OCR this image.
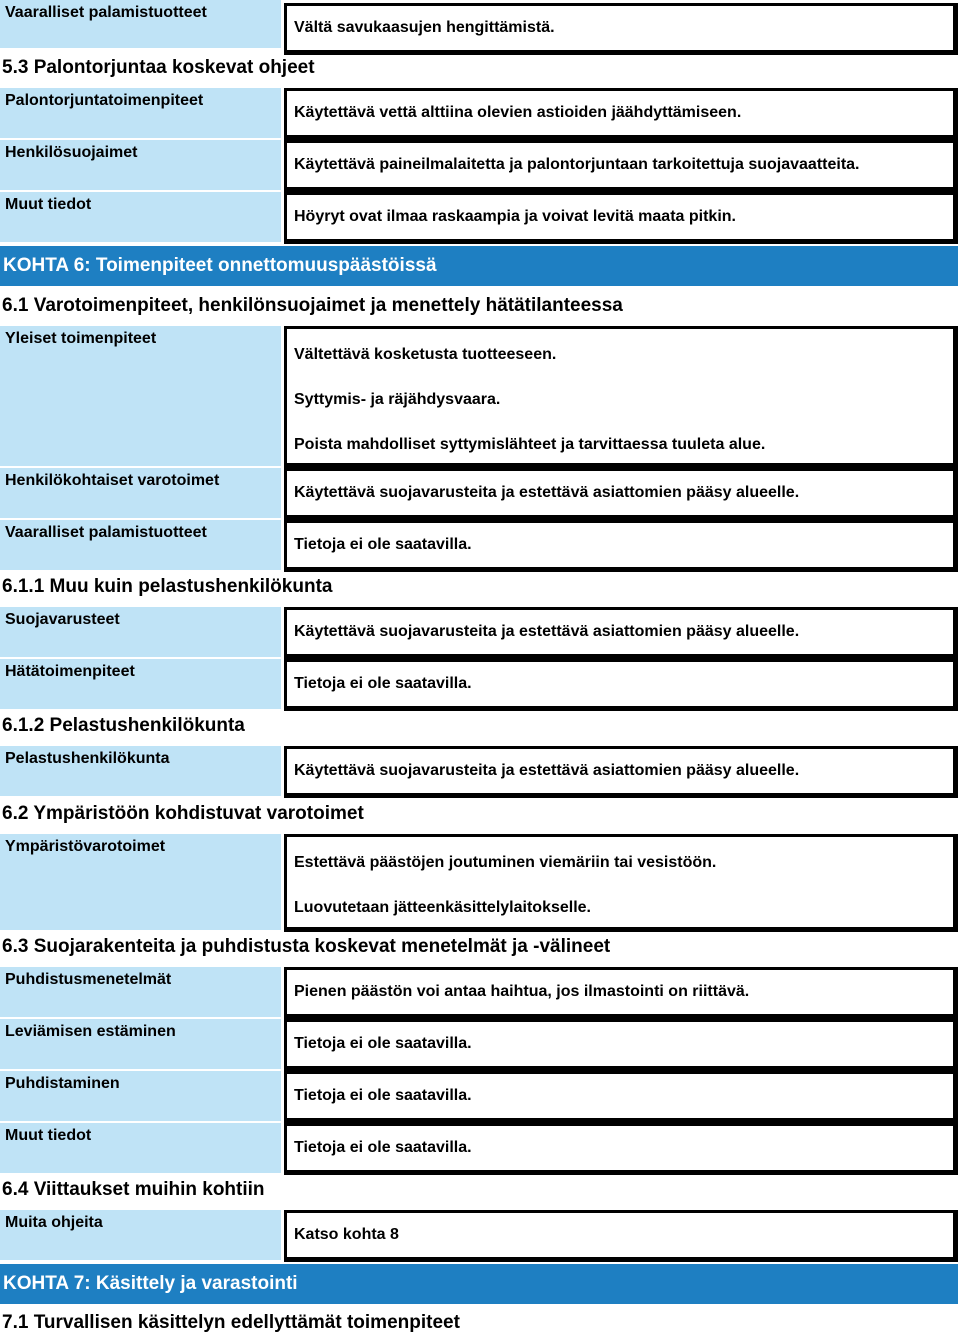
Vaaralliset palamistuotteet
Vältä savukaasujen hengittämistä.
5.3 Palontorjuntaa koskevat ohjeet
Palontorjuntatoimenpiteet
Käytettävä vettä alttiina olevien astioiden jäähdyttämiseen.
Henkilösuojaimet
Käytettävä paineilmalaitetta ja palontorjuntaan tarkoitettuja suojavaatteita.
Muut tiedot
Höyryt ovat ilmaa raskaampia ja voivat levitä maata pitkin.
KOHTA 6: Toimenpiteet onnettomuuspäästöissä
6.1 Varotoimenpiteet, henkilönsuojaimet ja menettely hätätilanteessa
Yleiset toimenpiteet
Vältettävä kosketusta tuotteeseen.
Syttymis- ja räjähdysvaara.
Poista mahdolliset syttymislähteet ja tarvittaessa tuuleta alue.
Henkilökohtaiset varotoimet
Käytettävä suojavarusteita ja estettävä asiattomien pääsy alueelle.
Vaaralliset palamistuotteet
Tietoja ei ole saatavilla.
6.1.1 Muu kuin pelastushenkilökunta
Suojavarusteet
Käytettävä suojavarusteita ja estettävä asiattomien pääsy alueelle.
Hätätoimenpiteet
Tietoja ei ole saatavilla.
6.1.2 Pelastushenkilökunta
Pelastushenkilökunta
Käytettävä suojavarusteita ja estettävä asiattomien pääsy alueelle.
6.2 Ympäristöön kohdistuvat varotoimet
Ympäristövarotoimet
Estettävä päästöjen joutuminen viemäriin tai vesistöön.
Luovutetaan jätteenkäsittelylaitokselle.
6.3 Suojarakenteita ja puhdistusta koskevat menetelmät ja -välineet
Puhdistusmenetelmät
Pienen päästön voi antaa haihtua, jos ilmastointi on riittävä.
Leviämisen estäminen
Tietoja ei ole saatavilla.
Puhdistaminen
Tietoja ei ole saatavilla.
Muut tiedot
Tietoja ei ole saatavilla.
6.4 Viittaukset muihin kohtiin
Muita ohjeita
Katso kohta 8
KOHTA 7: Käsittely ja varastointi
7.1 Turvallisen käsittelyn edellyttämät toimenpiteet
